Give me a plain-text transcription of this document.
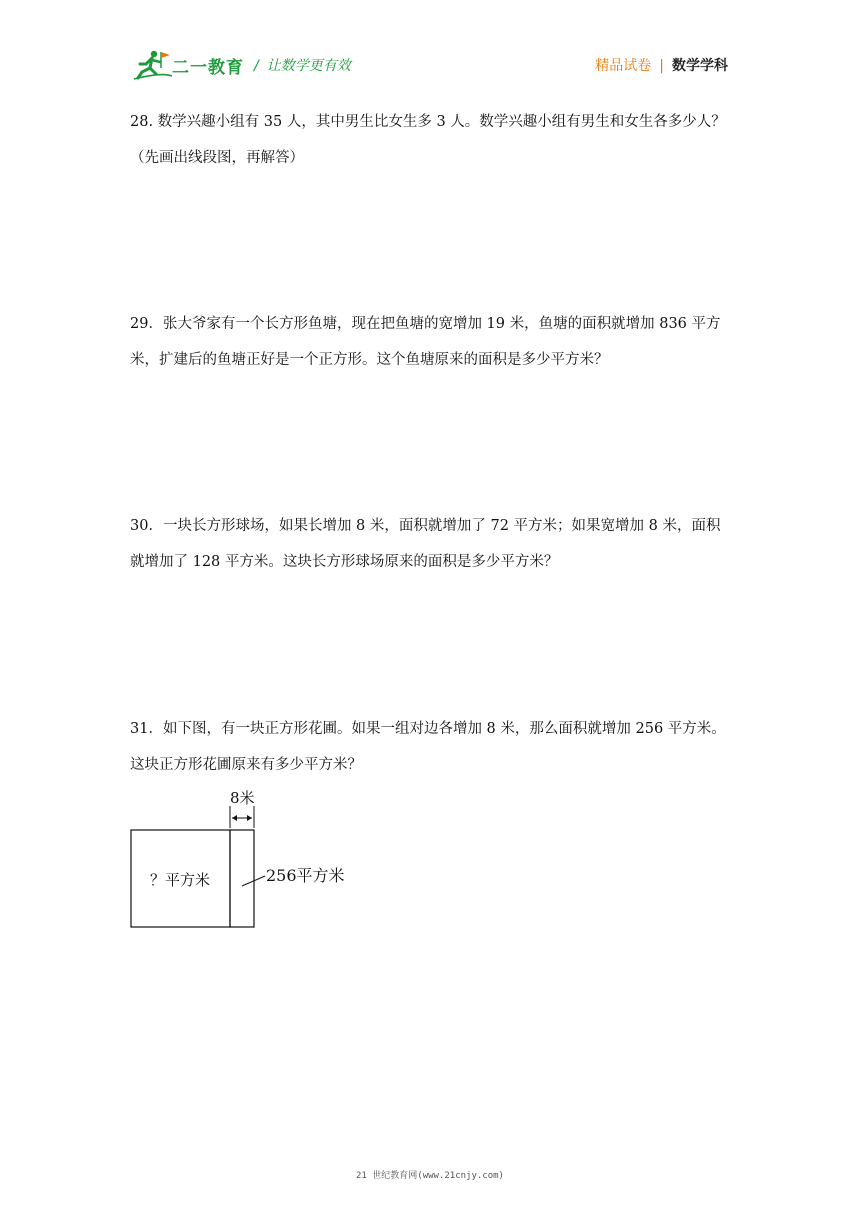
二一教育 / 让数学更有效	精品试卷 | 数学学科

28. 数学兴趣小组有 35 人，其中男生比女生多 3 人。数学兴趣小组有男生和女生各多少人？

（先画出线段图，再解答）

29．张大爷家有一个长方形鱼塘，现在把鱼塘的宽增加 19 米，鱼塘的面积就增加 836 平方

米，扩建后的鱼塘正好是一个正方形。这个鱼塘原来的面积是多少平方米？

30．一块长方形球场，如果长增加 8 米，面积就增加了 72 平方米；如果宽增加 8 米，面积

就增加了 128 平方米。这块长方形球场原来的面积是多少平方米？

31．如下图，有一块正方形花圃。如果一组对边各增加 8 米，那么面积就增加 256 平方米。

这块正方形花圃原来有多少平方米？

8米
？平方米	256平方米
21 世纪教育网(www.21cnjy.com)
